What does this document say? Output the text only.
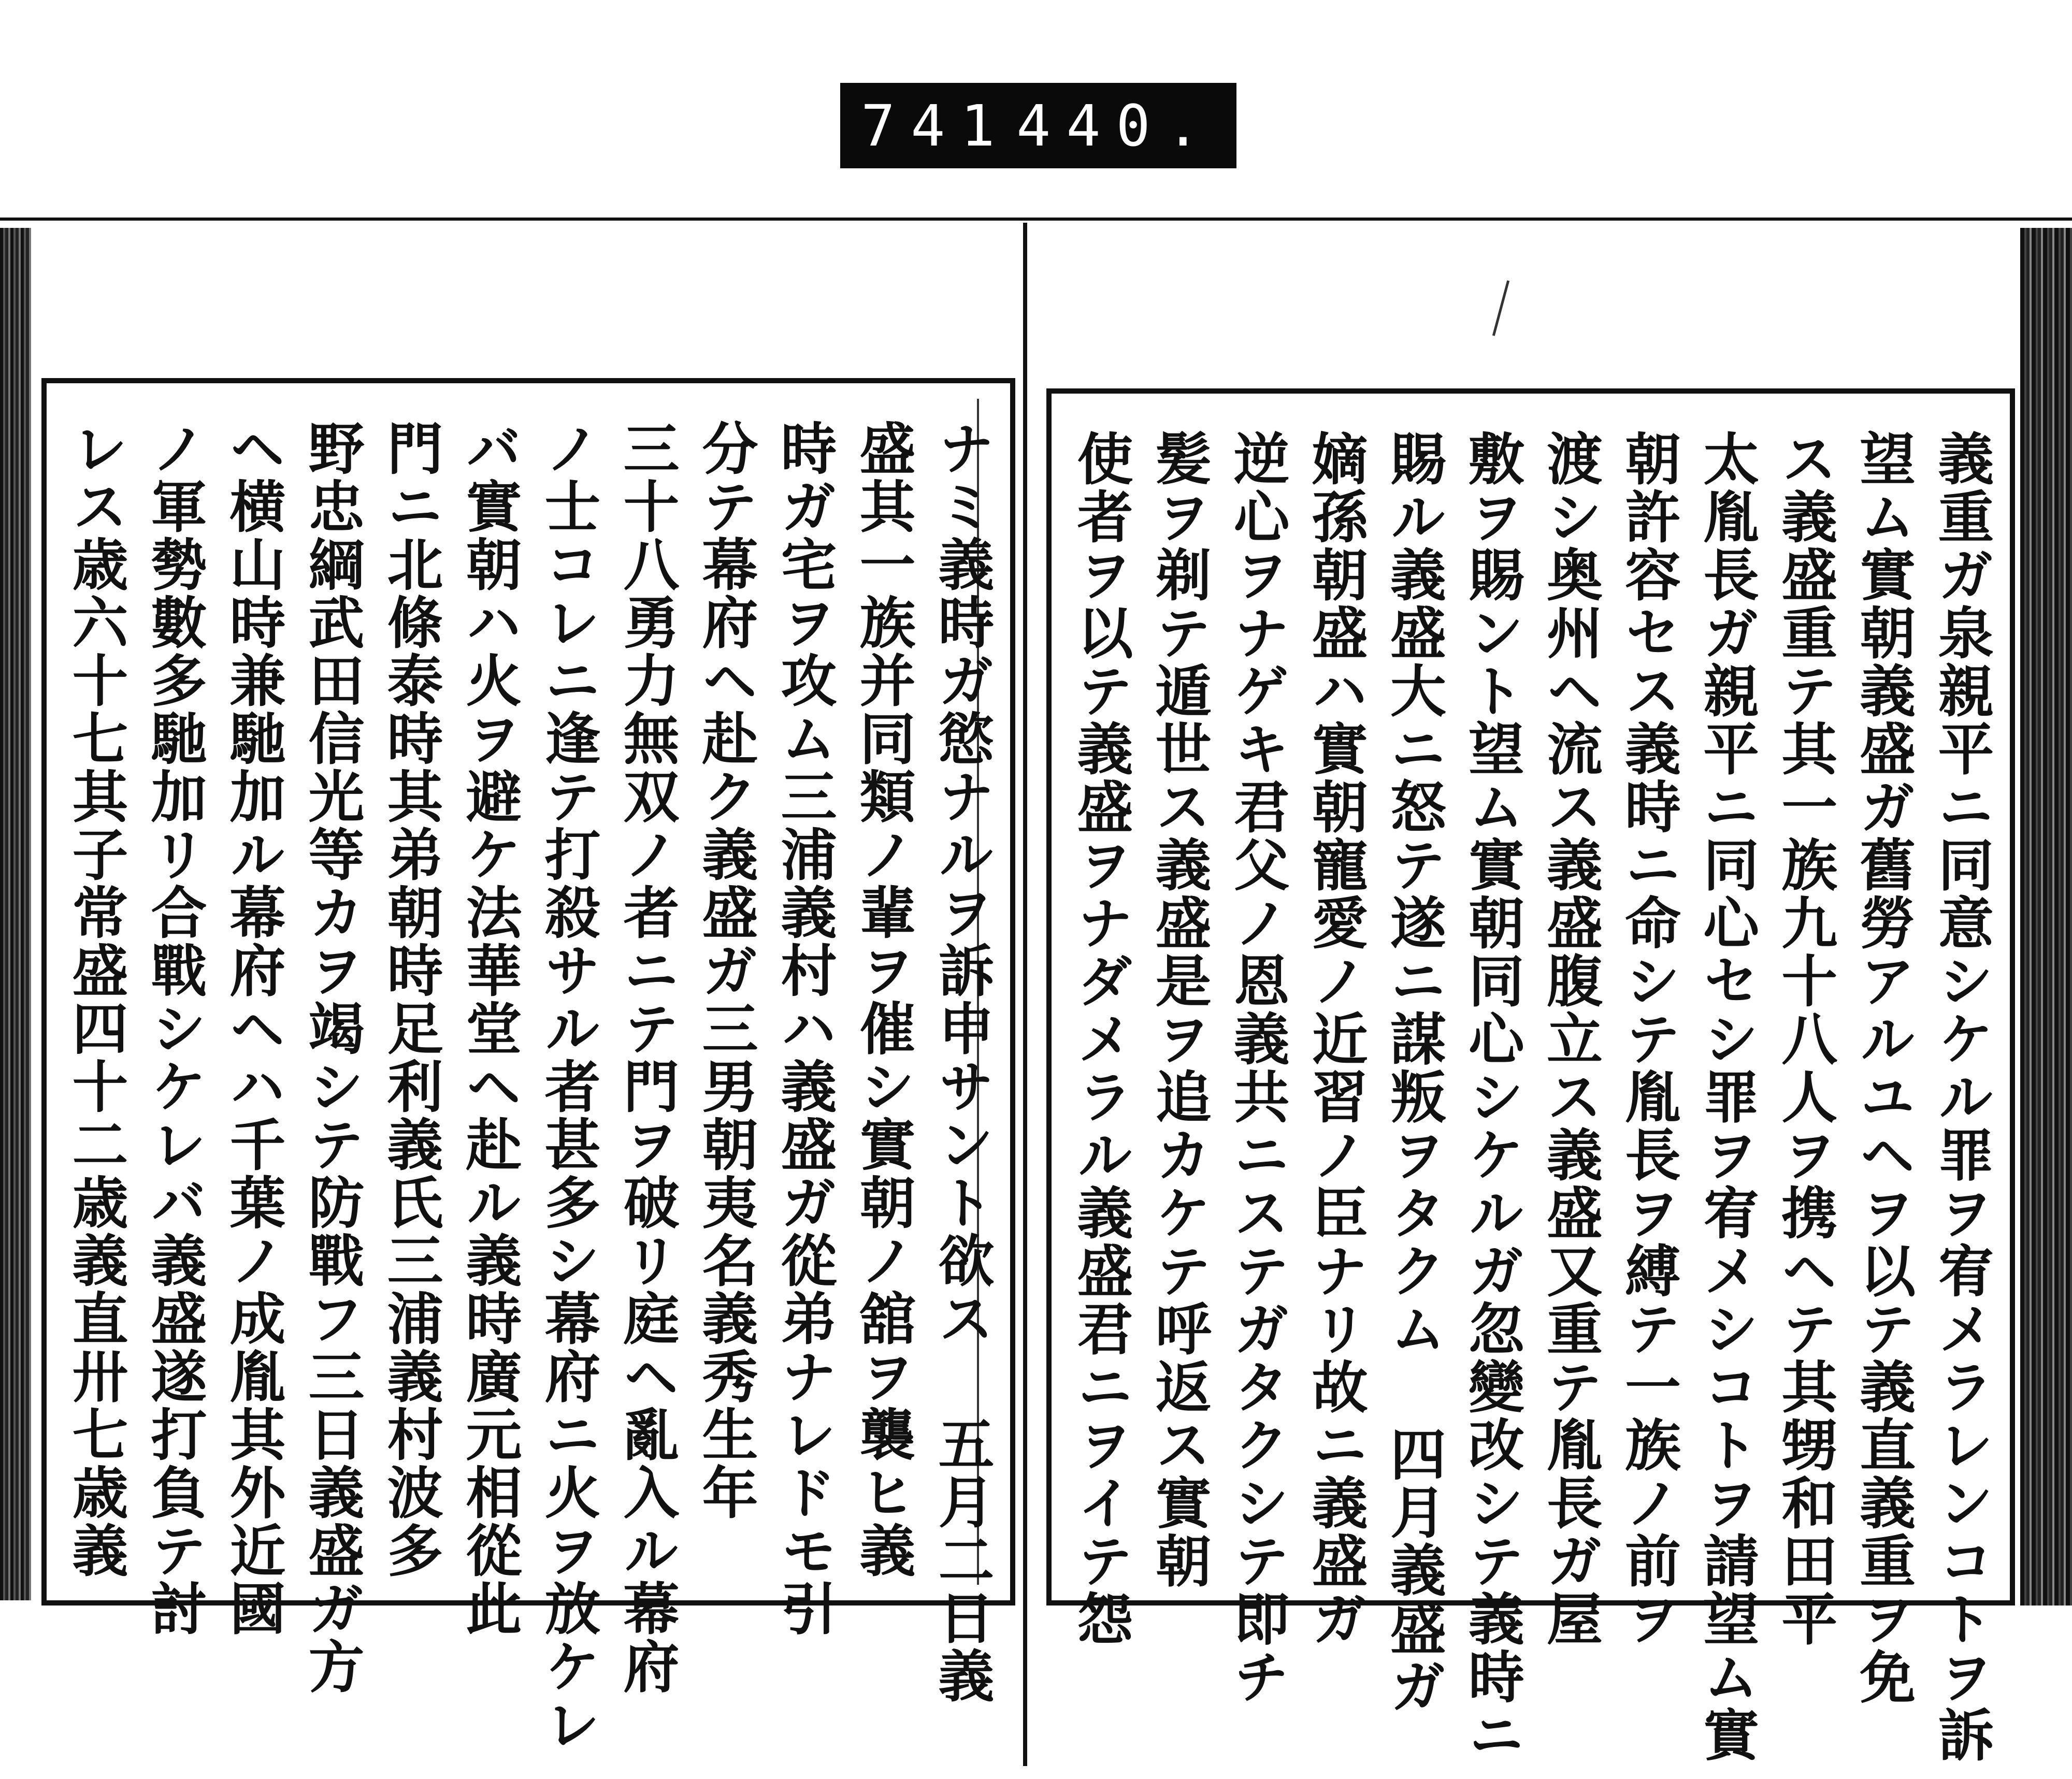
741 440.
ナミ義時ガ慾ナルヲ訴申サント欲ス 五月二日義
盛其一族并同類ノ輩ヲ催シ實朝ノ舘ヲ襲ヒ義
時ガ宅ヲ攻ム三浦義村ハ義盛ガ從弟ナレドモ引
分テ幕府ヘ赴ク義盛ガ三男朝夷名義秀生年
三十八勇力無双ノ者ニテ門ヲ破リ庭ヘ亂入ル幕府
ノ士コレニ逢テ打殺サル者甚多シ幕府ニ火ヲ放ケレ
バ實朝ハ火ヲ避ケ法華堂ヘ赴ル義時廣元相從此
門ニ北條泰時其弟朝時足利義氏三浦義村波多
野忠綱武田信光等カヲ竭シテ防戰フ三日義盛ガ方
ヘ横山時兼馳加ル幕府ヘハ千葉ノ成胤其外近國
ノ軍勢數多馳加リ合戰シケレバ義盛遂打負テ討
レス歳六十七其子常盛四十二歳義直卅七歳義	義重ガ泉親平ニ同意シケル罪ヲ宥メラレンコトヲ訴
望ム實朝義盛ガ舊勞アルユヘヲ以テ義直義重ヲ免
ス義盛重テ其一族九十八人ヲ携ヘテ其甥和田平
太胤長ガ親平ニ同心セシ罪ヲ宥メシコトヲ請望ム實
朝許容セス義時ニ命シテ胤長ヲ縛テ一族ノ前ヲ
渡シ奥州ヘ流ス義盛腹立ス義盛又重テ胤長ガ屋
敷ヲ賜ント望ム實朝同心シケルガ忽變改シテ義時ニ
賜ル義盛大ニ怒テ遂ニ謀叛ヲタクム 四月義盛ガ
嫡孫朝盛ハ實朝寵愛ノ近習ノ臣ナリ故ニ義盛ガ
逆心ヲナゲキ君父ノ恩義共ニステガタクシテ即チ
髪ヲ剃テ遁世ス義盛是ヲ追カケテ呼返ス實朝
使者ヲ以テ義盛ヲナダメラル義盛君ニヲイテ怨
